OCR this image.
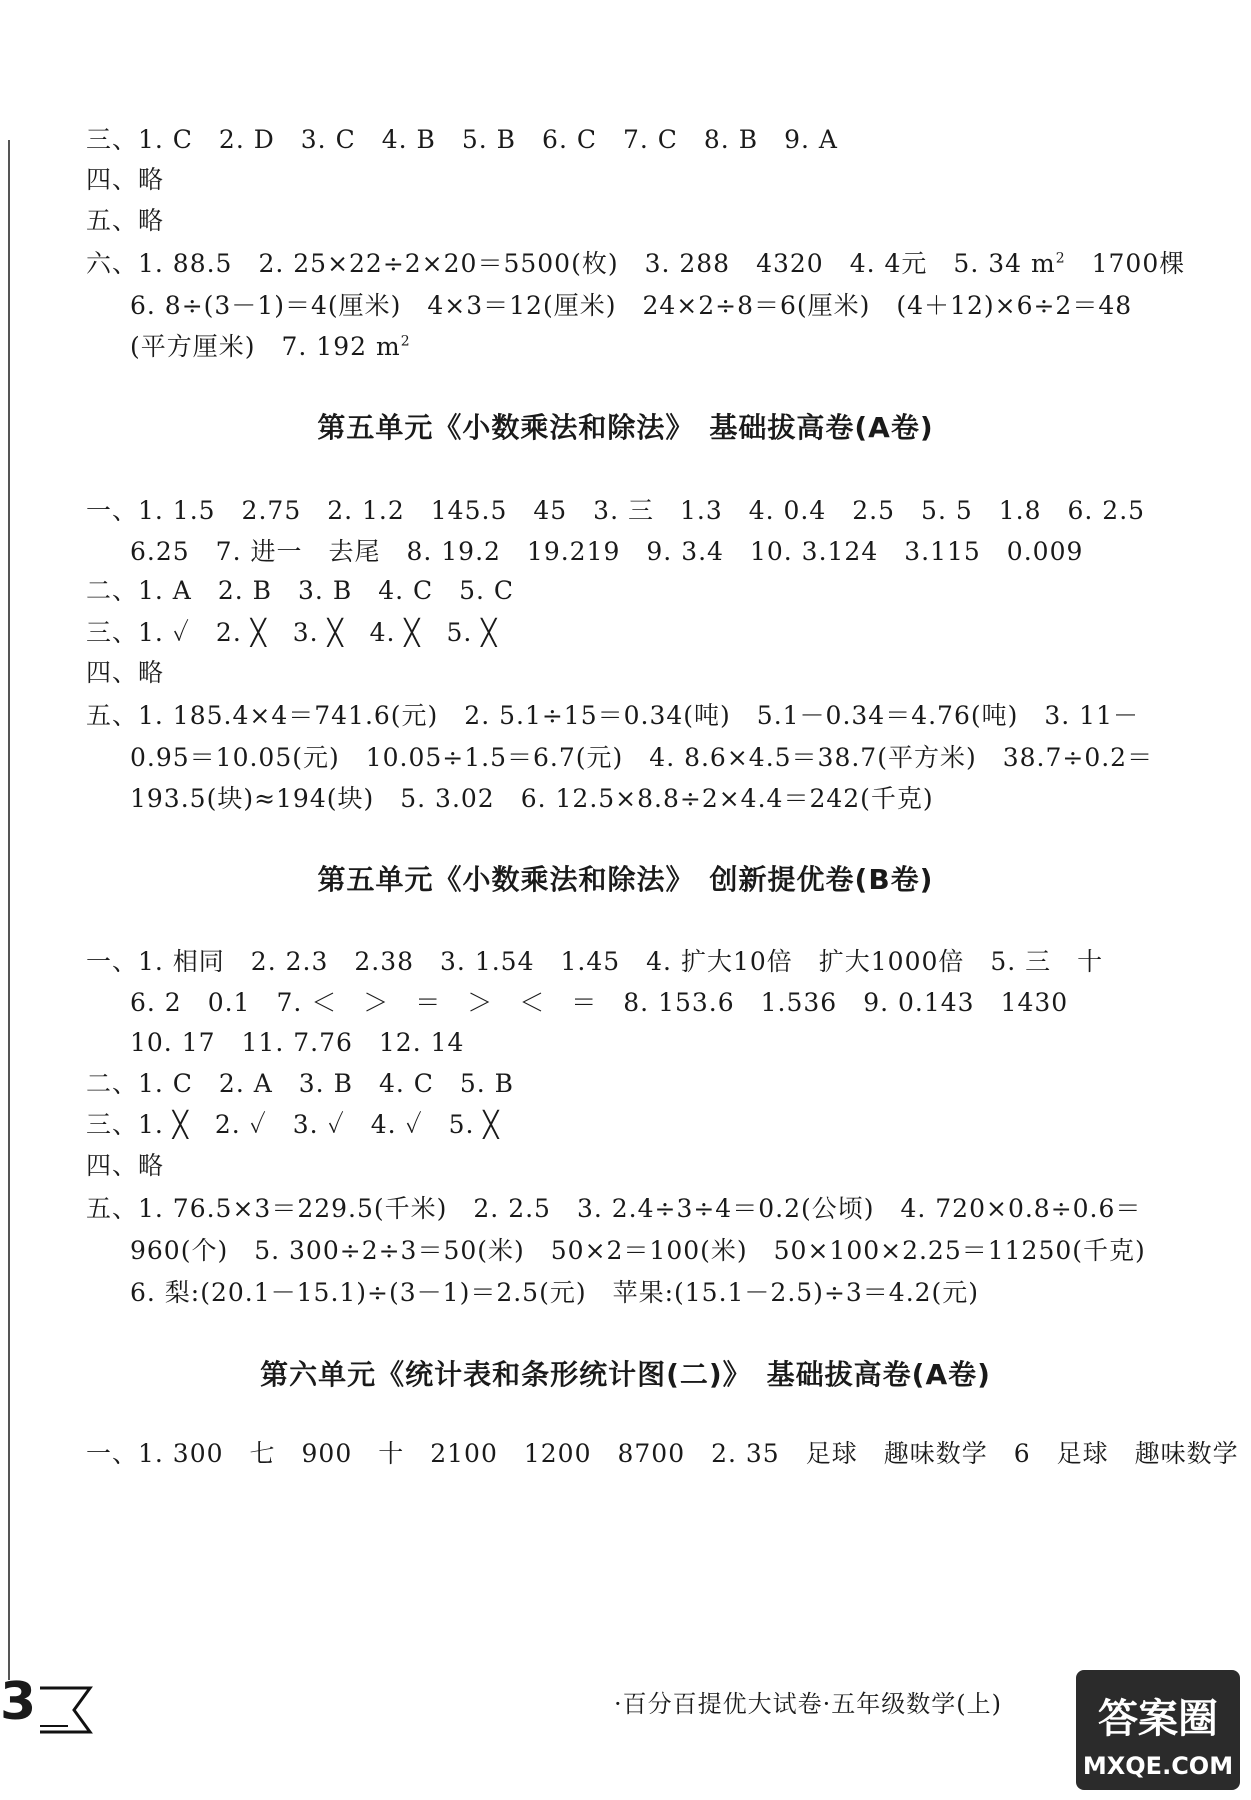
三、1. C　2. D　3. C　4. B　5. B　6. C　7. C　8. B　9. A
四、略
五、略
六、1. 88.5　2. 25×22÷2×20＝5500(枚)　3. 288　4320　4. 4元　5. 34 $m^2$　1700棵
6. 8÷(3－1)＝4(厘米)　4×3＝12(厘米)　24×2÷8＝6(厘米)　(4＋12)×6÷2＝48
(平方厘米)　7. 192 $m^2$
第五单元《小数乘法和除法》　基础拔高卷(A卷)
一、1. 1.5　2.75　2. 1.2　145.5　45　3. 三　1.3　4. 0.4　2.5　5. 5　1.8　6. 2.5
6.25　7. 进一　去尾　8. 19.2　19.219　9. 3.4　10. 3.124　3.115　0.009
二、1. A　2. B　3. B　4. C　5. C
三、1. ✓　2. ╳　3. ╳　4. ╳　5. ╳
四、略
五、1. 185.4×4＝741.6(元)　2. 5.1÷15＝0.34(吨)　5.1－0.34＝4.76(吨)　3. 11－
0.95＝10.05(元)　10.05÷1.5＝6.7(元)　4. 8.6×4.5＝38.7(平方米)　38.7÷0.2＝
193.5(块)≈194(块)　5. 3.02　6. 12.5×8.8÷2×4.4＝242(千克)
第五单元《小数乘法和除法》　创新提优卷(B卷)
一、1. 相同　2. 2.3　2.38　3. 1.54　1.45　4. 扩大10倍　扩大1000倍　5. 三　十
6. 2　0.1　7. ＜　＞　＝　＞　＜　＝　8. 153.6　1.536　9. 0.143　1430
10. 17　11. 7.76　12. 14
二、1. C　2. A　3. B　4. C　5. B
三、1. ╳　2. ✓　3. ✓　4. ✓　5. ╳
四、略
五、1. 76.5×3＝229.5(千米)　2. 2.5　3. 2.4÷3÷4＝0.2(公顷)　4. 720×0.8÷0.6＝
960(个)　5. 300÷2÷3＝50(米)　50×2＝100(米)　50×100×2.25＝11250(千克)
6. 梨:(20.1－15.1)÷(3－1)＝2.5(元)　苹果:(15.1－2.5)÷3＝4.2(元)
第六单元《统计表和条形统计图(二)》　基础拔高卷(A卷)
一、1. 300　七　900　十　2100　1200　8700　2. 35　足球　趣味数学　6　足球　趣味数学
3	·百分百提优大试卷·五年级数学(上) 答案圈
MXQE.COM
